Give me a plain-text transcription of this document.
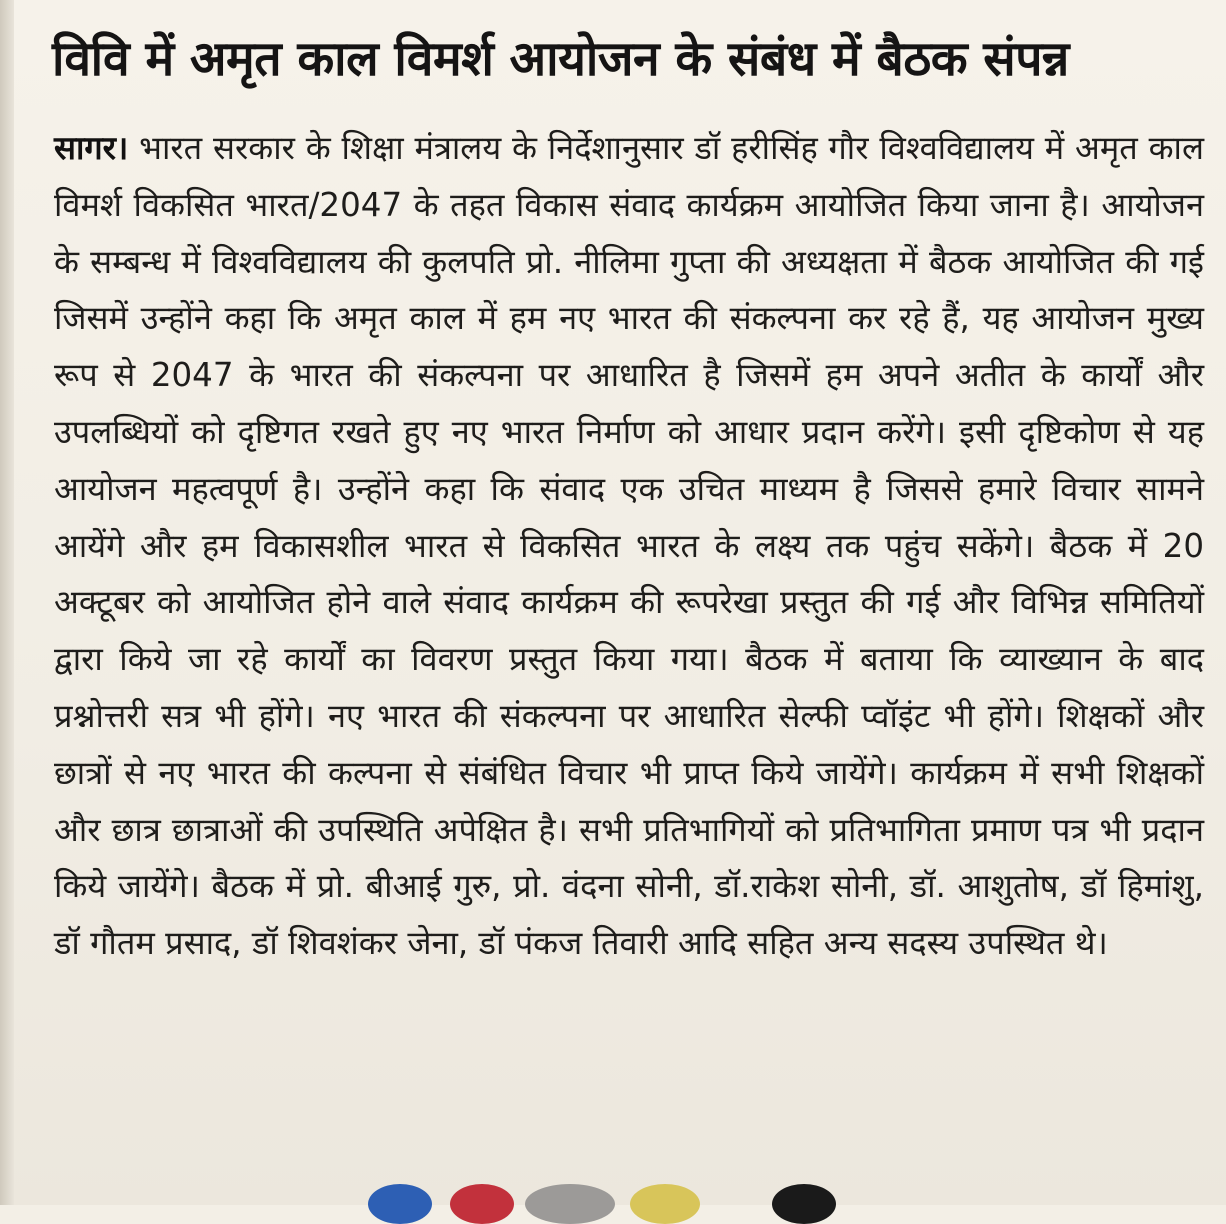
विवि में अमृत काल विमर्श आयोजन के संबंध में बैठक संपन्न

सागर। भारत सरकार के शिक्षा मंत्रालय के निर्देशानुसार डॉ हरीसिंह गौर विश्वविद्यालय में अमृत काल विमर्श विकसित भारत/2047 के तहत विकास संवाद कार्यक्रम आयोजित किया जाना है। आयोजन के सम्बन्ध में विश्वविद्यालय की कुलपति प्रो. नीलिमा गुप्ता की अध्यक्षता में बैठक आयोजित की गई जिसमें उन्होंने कहा कि अमृत काल में हम नए भारत की संकल्पना कर रहे हैं, यह आयोजन मुख्य रूप से 2047 के भारत की संकल्पना पर आधारित है जिसमें हम अपने अतीत के कार्यों और उपलब्धियों को दृष्टिगत रखते हुए नए भारत निर्माण को आधार प्रदान करेंगे। इसी दृष्टिकोण से यह आयोजन महत्वपूर्ण है। उन्होंने कहा कि संवाद एक उचित माध्यम है जिससे हमारे विचार सामने आयेंगे और हम विकासशील भारत से विकसित भारत के लक्ष्य तक पहुंच सकेंगे। बैठक में 20 अक्टूबर को आयोजित होने वाले संवाद कार्यक्रम की रूपरेखा प्रस्तुत की गई और विभिन्न समितियों द्वारा किये जा रहे कार्यों का विवरण प्रस्तुत किया गया। बैठक में बताया कि व्याख्यान के बाद प्रश्नोत्तरी सत्र भी होंगे। नए भारत की संकल्पना पर आधारित सेल्फी प्वॉइंट भी होंगे। शिक्षकों और छात्रों से नए भारत की कल्पना से संबंधित विचार भी प्राप्त किये जायेंगे। कार्यक्रम में सभी शिक्षकों और छात्र छात्राओं की उपस्थिति अपेक्षित है। सभी प्रतिभागियों को प्रतिभागिता प्रमाण पत्र भी प्रदान किये जायेंगे। बैठक में प्रो. बीआई गुरु, प्रो. वंदना सोनी, डॉ.राकेश सोनी, डॉ. आशुतोष, डॉ हिमांशु, डॉ गौतम प्रसाद, डॉ शिवशंकर जेना, डॉ पंकज तिवारी आदि सहित अन्य सदस्य उपस्थित थे।
